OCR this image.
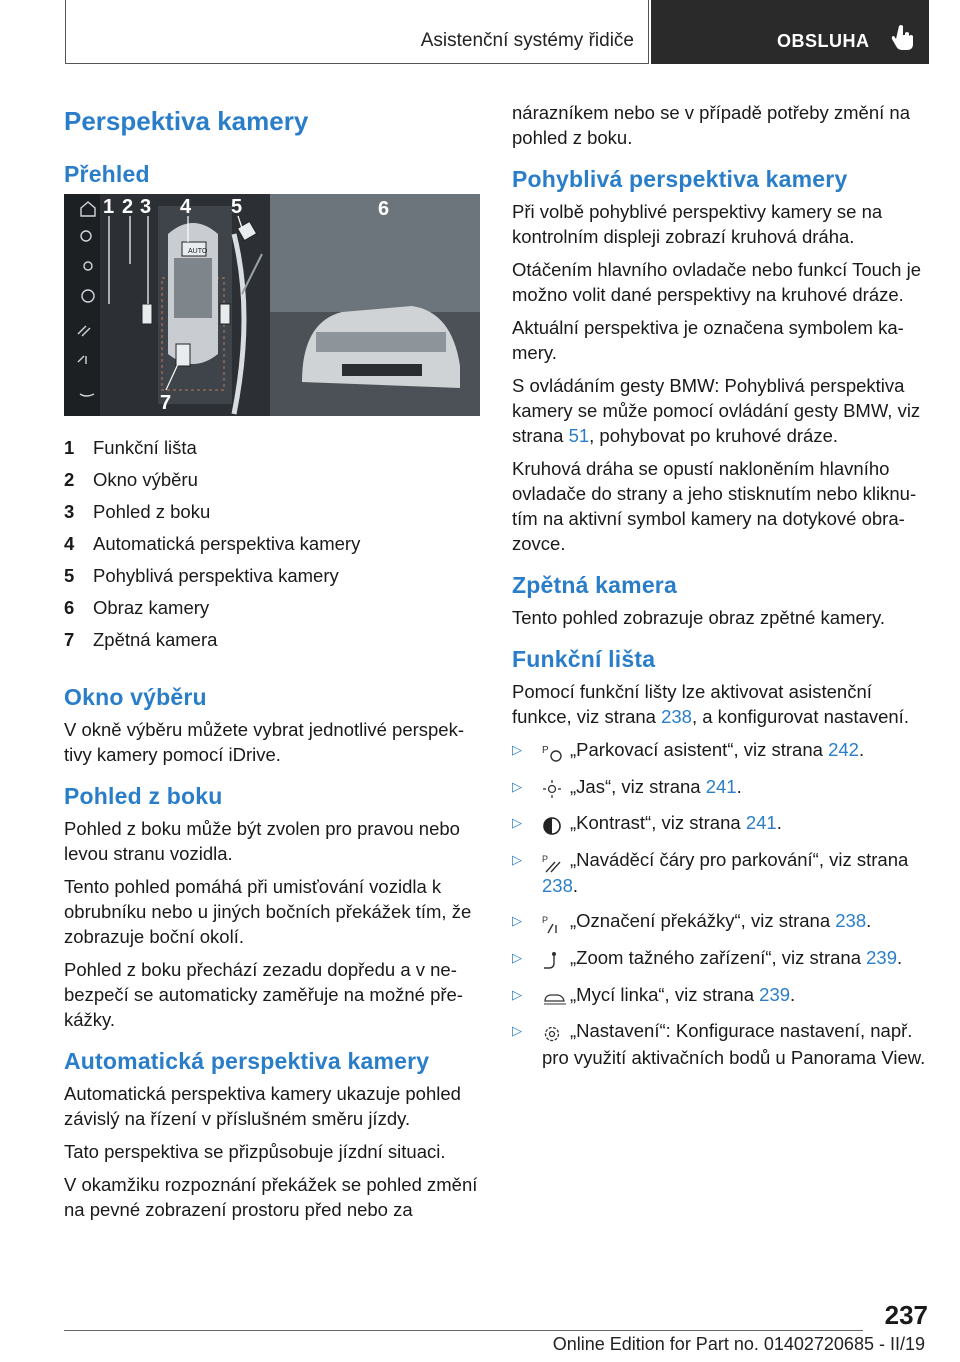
Asistenční systémy řidiče	OBSLUHA
Perspektiva kamery
Přehled
AUTO
1 2 3 4 5	6
7
1 Funkční lišta
2 Okno výběru
3 Pohled z boku
4 Automatická perspektiva kamery
5 Pohyblivá perspektiva kamery
6 Obraz kamery
7 Zpětná kamera
Okno výběru

V okně výběru můžete vybrat jednotlivé perspek-tivy kamery pomocí iDrive.

Pohled z boku

Pohled z boku může být zvolen pro pravou nebo levou stranu vozidla.

Tento pohled pomáhá při umisťování vozidla k obrubníku nebo u jiných bočních překážek tím, že zobrazuje boční okolí.

Pohled z boku přechází zezadu dopředu a v ne-bezpečí se automaticky zaměřuje na možné pře-kážky.

Automatická perspektiva kamery

Automatická perspektiva kamery ukazuje pohled závislý na řízení v příslušném směru jízdy.

Tato perspektiva se přizpůsobuje jízdní situaci.

V okamžiku rozpoznání překážek se pohled změní na pevné zobrazení prostoru před nebo za

nárazníkem nebo se v případě potřeby změní na pohled z boku.

Pohyblivá perspektiva kamery

Při volbě pohyblivé perspektivy kamery se na kontrolním displeji zobrazí kruhová dráha.

Otáčením hlavního ovladače nebo funkcí Touch je možno volit dané perspektivy na kruhové dráze.

Aktuální perspektiva je označena symbolem ka-mery.

S ovládáním gesty BMW: Pohyblivá perspektiva kamery se může pomocí ovládání gesty BMW, viz strana 51, pohybovat po kruhové dráze.

Kruhová dráha se opustí nakloněním hlavního ovladače do strany a jeho stisknutím nebo kliknu-tím na aktivní symbol kamery na dotykové obra-zovce.

Zpětná kamera

Tento pohled zobrazuje obraz zpětné kamery.

Funkční lišta

Pomocí funkční lišty lze aktivovat asistenční funkce, viz strana 238, a konfigurovat nastavení.

▷ P „Parkovací asistent“, viz strana 242.
▷	„Jas“, viz strana 241.
▷	„Kontrast“, viz strana 241.
▷ P „Naváděcí čáry pro parkování“, viz strana 238.
▷ P „Označení překážky“, viz strana 238.
▷	„Zoom tažného zařízení“, viz strana 239.
▷	„Mycí linka“, viz strana 239.
▷	„Nastavení“: Konfigurace nastavení, např. pro využití aktivačních bodů u Panorama View.
237
Online Edition for Part no. 01402720685 - II/19
